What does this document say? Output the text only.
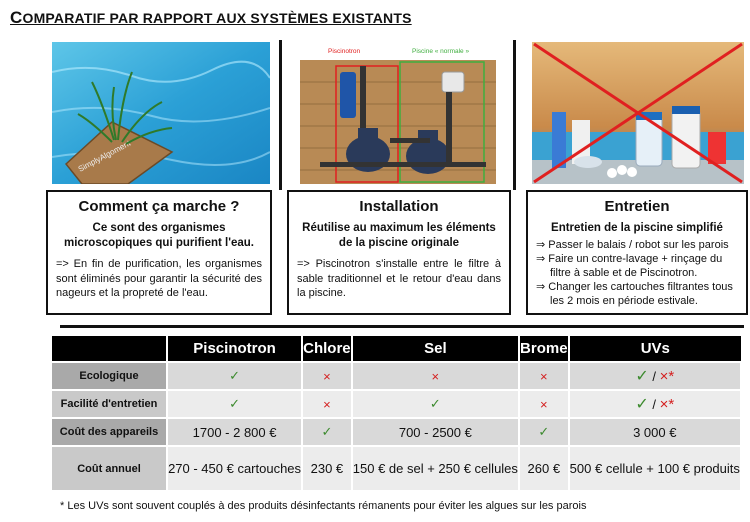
COMPARATIF PAR RAPPORT AUX SYSTÈMES EXISTANTS
SimplyAlgoment
Piscinotron	Piscine « normale »
Comment ça marche ?
Ce sont des organismes microscopiques qui purifient l'eau.

=> En fin de purification, les organismes sont éliminés pour garantir la sécurité des nageurs et la propreté de l'eau.

Installation
Réutilise au maximum les éléments de la piscine originale

=> Piscinotron s'installe entre le filtre à sable traditionnel et le retour d'eau dans la piscine.

Entretien
Entretien de la piscine simplifié
⇒ Passer le balais / robot sur les parois
⇒ Faire un contre-lavage + rinçage du filtre à sable et de Piscinotron.
⇒ Changer les cartouches filtrantes tous les 2 mois en période estivale.
	Piscinotron	Chlore	Sel	Brome	UVs
Ecologique	✓	×	×	×	✓ / ×*
Facilité d'entretien	✓	×	✓	×	✓ / ×*
Coût des appareils	1700 - 2 800 €	✓	700 - 2500 €	✓	3 000 €
Coût annuel	270 - 450 € cartouches	230 €	150 € de sel + 250 € cellules	260 €	500 € cellule + 100 € produits
* Les UVs sont souvent couplés à des produits désinfectants rémanents pour éviter les algues sur les parois
